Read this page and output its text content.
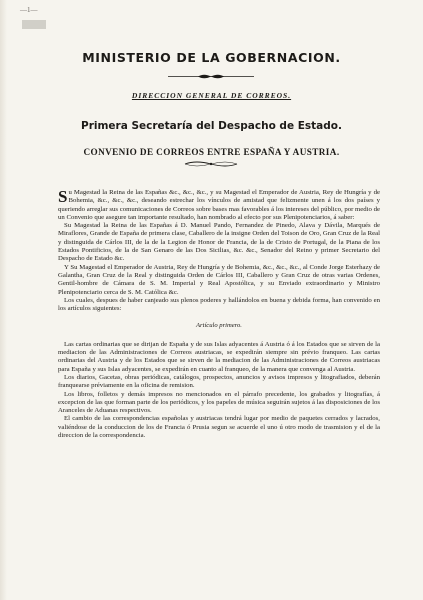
—1—
MINISTERIO DE LA GOBERNACION.
DIRECCION GENERAL DE CORREOS.
Primera Secretaría del Despacho de Estado.
CONVENIO DE CORREOS ENTRE ESPAÑA Y AUSTRIA.

Su Magestad la Reina de las Españas &c., &c., &c., y su Magestad el Emperador de Austria, Rey de Hungría y de Bohemia, &c., &c., &c., deseando estrechar los vínculos de amistad que felizmente unen á los dos países y queriendo arreglar sus comunicaciones de Correos sobre bases mas favorables á los intereses del público, por medio de un Convenio que asegure tan importante resultado, han nombrado al efecto por sus Plenipotenciarios, á saber:

Su Magestad la Reina de las Españas á D. Manuel Pando, Fernandez de Pinedo, Alava y Dávila, Marqués de Miraflores, Grande de España de primera clase, Caballero de la insigne Orden del Toison de Oro, Gran Cruz de la Real y distinguida de Cárlos III, de la de la Legion de Honor de Francia, de la de Cristo de Portugal, de la Piana de los Estados Pontificios, de la de San Genaro de las Dos Sicilias, &c. &c., Senador del Reino y primer Secretario del Despacho de Estado &c.

Y Su Magestad el Emperador de Austria, Rey de Hungría y de Bohemia, &c., &c., &c., al Conde Jorge Esterhazy de Galantha, Gran Cruz de la Real y distinguida Orden de Cárlos III, Caballero y Gran Cruz de otras varias Ordenes, Gentil-hombre de Cámara de S. M. Imperial y Real Apostólica, y su Enviado extraordinario y Ministro Plenipotenciario cerca de S. M. Católica &c.

Los cuales, despues de haber canjeado sus plenos poderes y hallándolos en buena y debida forma, han convenido en los artículos siguientes:

Artículo primero.

Las cartas ordinarias que se dirijan de España y de sus Islas adyacentes á Austria ó á los Estados que se sirven de la mediacion de las Administraciones de Correos austriacas, se expedirán siempre sin prévio franqueo. Las cartas ordinarias del Austria y de los Estados que se sirven de la mediacion de las Administraciones de Correos austriacas para España y sus Islas adyacentes, se expedirán en cuanto al franqueo, de la manera que convenga al Austria.

Los diarios, Gacetas, obras periódicas, catálogos, prospectos, anuncios y avisos impresos y litografiados, deberán franquearse préviamente en la oficina de remision.

Los libros, folletos y demás impresos no mencionados en el párrafo precedente, los grabados y litografías, á excepcion de las que forman parte de los periódicos, y los papeles de música seguirán sujetos á las disposiciones de los Aranceles de Aduanas respectivos.

El cambio de las correspondencias españolas y austriacas tendrá lugar por medio de paquetes cerrados y lacrados, valiéndose de la conduccion de los de Francia ó Prusia segun se acuerde el uno ú otro modo de trasmision y el de la direccion de la correspondencia.
